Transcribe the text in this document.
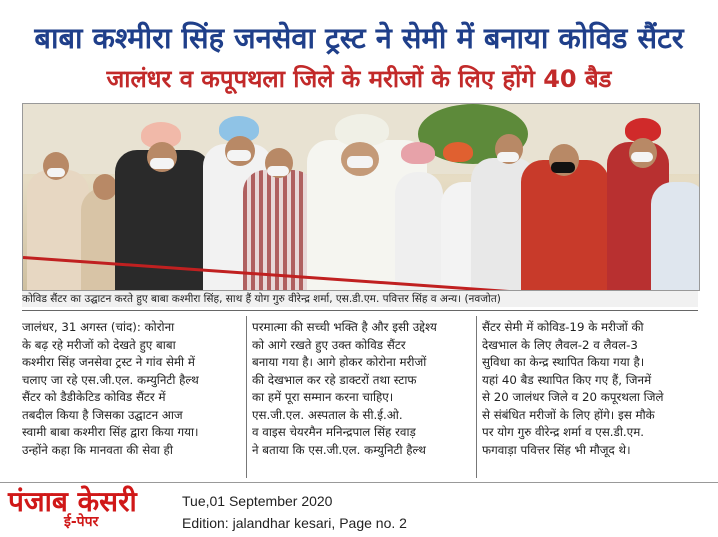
बाबा कश्मीरा सिंह जनसेवा ट्रस्ट ने सेमी में बनाया कोविड सैंटर
जालंधर व कपूपथला जिले के मरीजों के लिए होंगे 40 बैड
कोविड सैंटर का उद्घाटन करते हुए बाबा कश्मीरा सिंह, साथ हैं योग गुरु वीरेन्द्र शर्मा, एस.डी.एम. पवित्तर सिंह व अन्य। (नवजोत)
जालंधर, 31 अगस्त (चांद): कोरोना
के बढ़ रहे मरीजों को देखते हुए बाबा
कश्मीरा सिंह जनसेवा ट्रस्ट ने गांव सेमी में
चलाए जा रहे एस.जी.एल. कम्युनिटी हैल्थ
सैंटर को डैडीकेटिड कोविड सैंटर में
तबदील किया है जिसका उद्घाटन आज
स्वामी बाबा कश्मीरा सिंह द्वारा किया गया।
उन्होंने कहा कि मानवता की सेवा ही
परमात्मा की सच्ची भक्ति है और इसी उद्देश्य
को आगे रखते हुए उक्त कोविड सैंटर
बनाया गया है। आगे होकर कोरोना मरीजों
की देखभाल कर रहे डाक्टरों तथा स्टाफ
का हमें पूरा सम्मान करना चाहिए।
एस.जी.एल. अस्पताल के सी.ई.ओ.
व वाइस चेयरमैन मनिन्द्रपाल सिंह रवाड़
ने बताया कि एस.जी.एल. कम्युनिटी हैल्थ
सैंटर सेमी में कोविड-19 के मरीजों की
देखभाल के लिए लैवल-2 व लैवल-3
सुविधा का केन्द्र स्थापित किया गया है।
यहां 40 बैड स्थापित किए गए हैं, जिनमें
से 20 जालंधर जिले व 20 कपूरथला जिले
से संबंधित मरीजों के लिए होंगे। इस मौके
पर योग गुरु वीरेन्द्र शर्मा व एस.डी.एम.
फगवाड़ा पवित्तर सिंह भी मौजूद थे।
पंजाब केसरी
ई-पेपर
Tue,01 September 2020
Edition: jalandhar kesari, Page no. 2
